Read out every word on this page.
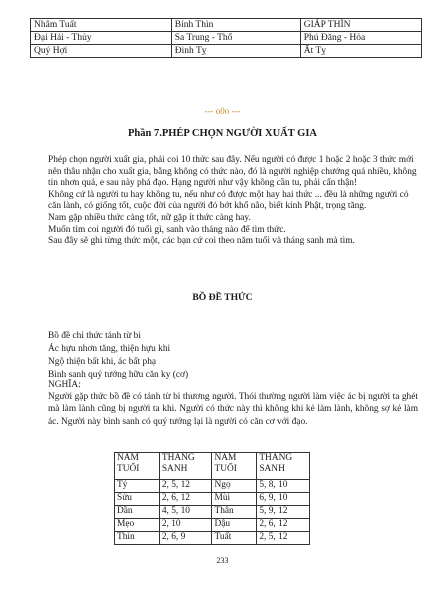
Nhâm Tuất	Bính Thìn	GIÁP THÌN
Đại Hải - Thủy	Sa Trung - Thổ	Phú Đăng - Hỏa
Quý Hợi	Đinh Tỵ	Ất Tỵ
--- o0o ---
Phần 7.PHÉP CHỌN NGƯỜI XUẤT GIA

Phép chọn người xuất gia, phải coi 10 thức sau đây. Nếu người có được 1 hoặc 2 hoặc 3 thức mới nên thâu nhận cho xuất gia, bằng không có thức nào, đó là người nghiệp chướng quá nhiều, không tin nhơn quả, e sau này phá đạo. Hạng người như vậy không cần tu, phải cẩn thận!

Không cứ là người tu hay không tu, nếu như có được một hay hai thức ... đều là những người có căn lành, có giống tốt, cuộc đời của người đó bớt khổ não, biết kính Phật, trọng tăng.

Nam gặp nhiều thức càng tốt, nữ gặp ít thức càng hay.

Muốn tìm coi người đó tuổi gì, sanh vào tháng nào để tìm thức.

Sau đây sẽ ghi từng thức một, các bạn cứ coi theo năm tuổi và tháng sanh mà tìm.

BỒ ĐỀ THỨC

Bồ đề chi thức tánh từ bi

Ác hựu nhơn tăng, thiện hựu khi

Ngộ thiện bất khi, ác bất phạ

Bình sanh quý tướng hữu căn ky (cơ)

NGHĨA:
Người gặp thức bồ đề có tánh từ bi thương người. Thói thường người làm việc ác bị người ta ghét mà làm lành cũng bị người ta khi. Người có thức này thì không khi kẻ làm lành, không sợ kẻ làm ác. Người này bình sanh có quý tướng lại là người có căn cơ với đạo.
NĂM TUỔI	THÁNG SANH	NĂM TUỔI	THÁNG SANH
Tý	2, 5, 12	Ngọ	5, 8, 10
Sửu	2, 6, 12	Mùi	6, 9, 10
Dần	4, 5, 10	Thân	5, 9, 12
Mẹo	2, 10	Dậu	2, 6, 12
Thìn	2, 6, 9	Tuất	2, 5, 12
233
